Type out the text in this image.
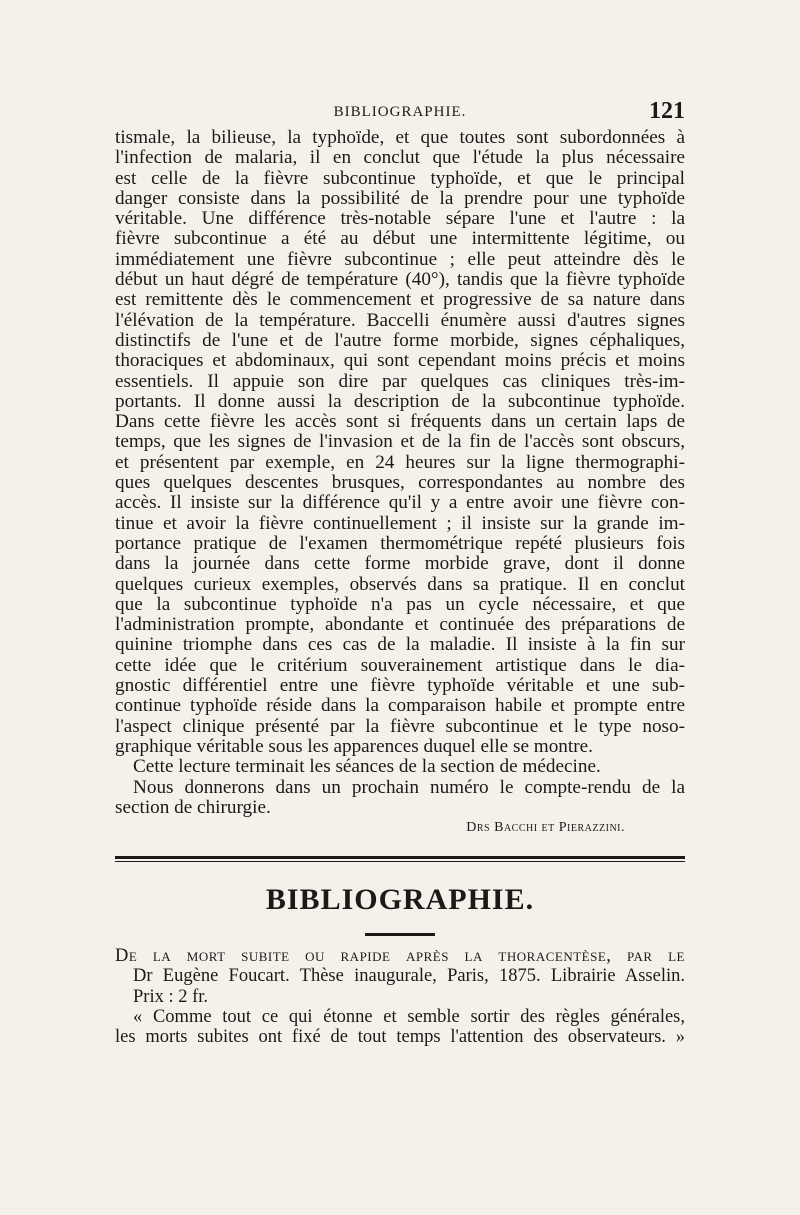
BIBLIOGRAPHIE.	121
tismale, la bilieuse, la typhoïde, et que toutes sont subordonnées à
l'infection de malaria, il en conclut que l'étude la plus nécessaire
est celle de la fièvre subcontinue typhoïde, et que le principal
danger consiste dans la possibilité de la prendre pour une typhoïde
véritable. Une différence très-notable sépare l'une et l'autre : la
fièvre subcontinue a été au début une intermittente légitime, ou
immédiatement une fièvre subcontinue ; elle peut atteindre dès le
début un haut dégré de température (40°), tandis que la fièvre typhoïde
est remittente dès le commencement et progressive de sa nature dans
l'élévation de la température. Baccelli énumère aussi d'autres signes
distinctifs de l'une et de l'autre forme morbide, signes céphaliques,
thoraciques et abdominaux, qui sont cependant moins précis et moins
essentiels. Il appuie son dire par quelques cas cliniques très-im-
portants. Il donne aussi la description de la subcontinue typhoïde.
Dans cette fièvre les accès sont si fréquents dans un certain laps de
temps, que les signes de l'invasion et de la fin de l'accès sont obscurs,
et présentent par exemple, en 24 heures sur la ligne thermographi-
ques quelques descentes brusques, correspondantes au nombre des
accès. Il insiste sur la différence qu'il y a entre avoir une fièvre con-
tinue et avoir la fièvre continuellement ; il insiste sur la grande im-
portance pratique de l'examen thermométrique repété plusieurs fois
dans la journée dans cette forme morbide grave, dont il donne
quelques curieux exemples, observés dans sa pratique. Il en conclut
que la subcontinue typhoïde n'a pas un cycle nécessaire, et que
l'administration prompte, abondante et continuée des préparations de
quinine triomphe dans ces cas de la maladie. Il insiste à la fin sur
cette idée que le critérium souverainement artistique dans le dia-
gnostic différentiel entre une fièvre typhoïde véritable et une sub-
continue typhoïde réside dans la comparaison habile et prompte entre
l'aspect clinique présenté par la fièvre subcontinue et le type noso-
graphique véritable sous les apparences duquel elle se montre.
Cette lecture terminait les séances de la section de médecine.
Nous donnerons dans un prochain numéro le compte-rendu de la
section de chirurgie.
Drs Bacchi et Pierazzini.
BIBLIOGRAPHIE.
De la mort subite ou rapide après la thoracentèse, par le
Dr Eugène Foucart. Thèse inaugurale, Paris, 1875. Librairie Asselin.
Prix : 2 fr.
« Comme tout ce qui étonne et semble sortir des règles générales,
les morts subites ont fixé de tout temps l'attention des observateurs. »
